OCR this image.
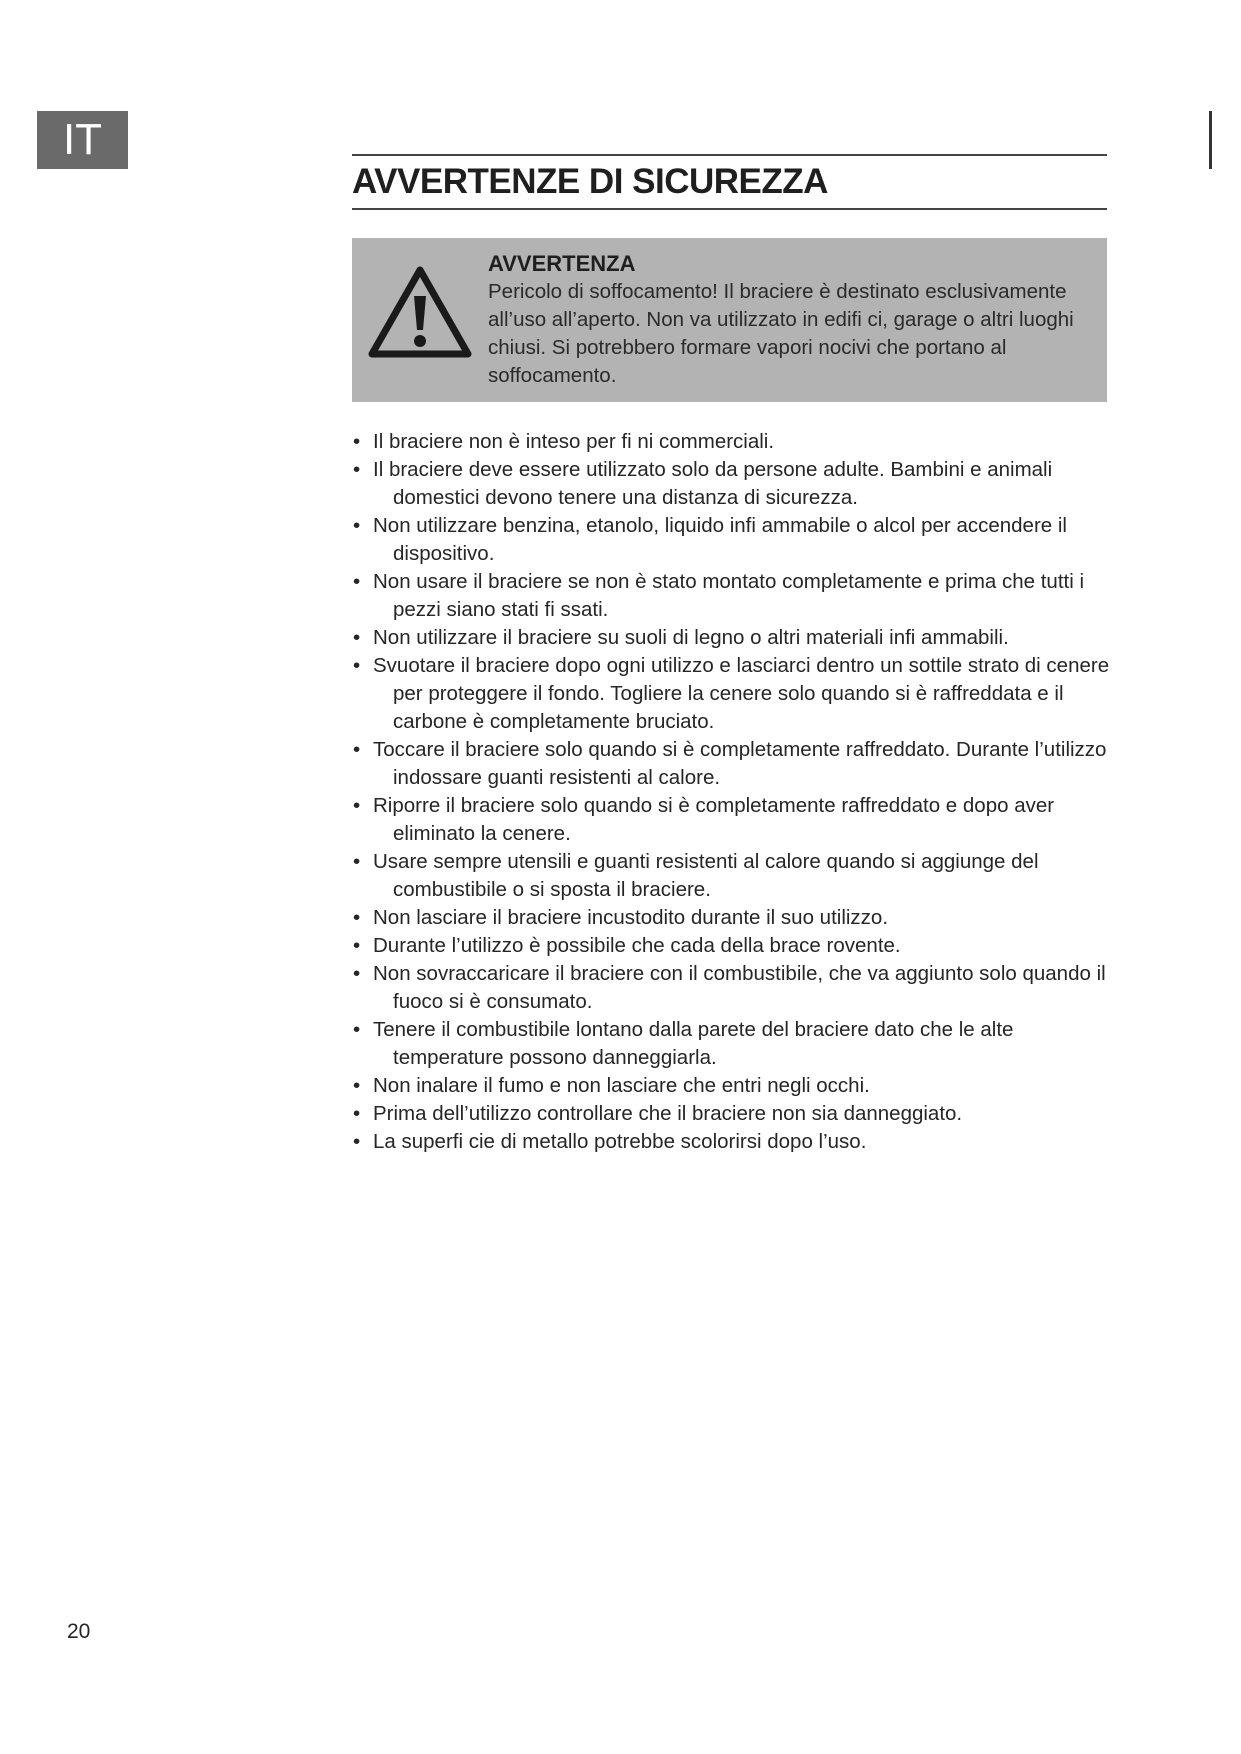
IT
AVVERTENZE DI SICUREZZA
AVVERTENZA
Pericolo di soffocamento! Il braciere è destinato esclusivamente all’uso all’aperto. Non va utilizzato in edifi ci, garage o altri luoghi chiusi. Si potrebbero formare vapori nocivi che portano al soffocamento.
• Il braciere non è inteso per fi ni commerciali.
• Il braciere deve essere utilizzato solo da persone adulte. Bambini e animali domestici devono tenere una distanza di sicurezza.
• Non utilizzare benzina, etanolo, liquido infi ammabile o alcol per accendere il dispositivo.
• Non usare il braciere se non è stato montato completamente e prima che tutti i pezzi siano stati fi ssati.
• Non utilizzare il braciere su suoli di legno o altri materiali infi ammabili.
• Svuotare il braciere dopo ogni utilizzo e lasciarci dentro un sottile strato di cenere per proteggere il fondo. Togliere la cenere solo quando si è raffreddata e il carbone è completamente bruciato.
• Toccare il braciere solo quando si è completamente raffreddato. Durante l’utilizzo indossare guanti resistenti al calore.
• Riporre il braciere solo quando si è completamente raffreddato e dopo aver eliminato la cenere.
• Usare sempre utensili e guanti resistenti al calore quando si aggiunge del combustibile o si sposta il braciere.
• Non lasciare il braciere incustodito durante il suo utilizzo.
• Durante l’utilizzo è possibile che cada della brace rovente.
• Non sovraccaricare il braciere con il combustibile, che va aggiunto solo quando il fuoco si è consumato.
• Tenere il combustibile lontano dalla parete del braciere dato che le alte temperature possono danneggiarla.
• Non inalare il fumo e non lasciare che entri negli occhi.
• Prima dell’utilizzo controllare che il braciere non sia danneggiato.
• La superfi cie di metallo potrebbe scolorirsi dopo l’uso.
20
